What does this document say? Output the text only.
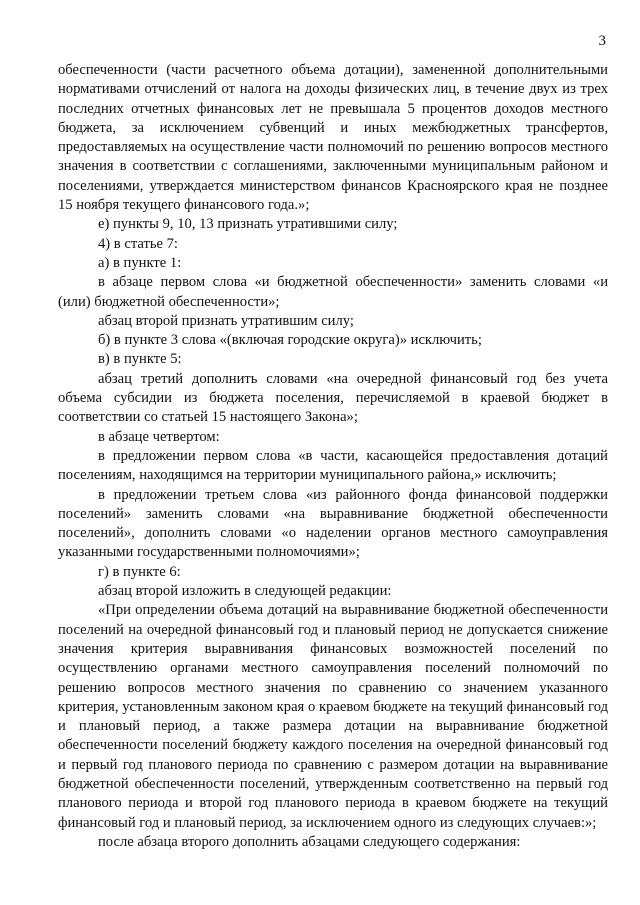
3

обеспеченности (части расчетного объема дотации), замененной дополнительными нормативами отчислений от налога на доходы физических лиц, в течение двух из трех последних отчетных финансовых лет не превышала 5 процентов доходов местного бюджета, за исключением субвенций и иных межбюджетных трансфертов, предоставляемых на осуществление части полномочий по решению вопросов местного значения в соответствии с соглашениями, заключенными муниципальным районом и поселениями, утверждается министерством финансов Красноярского края не позднее 15 ноября текущего финансового года.»;

е) пункты 9, 10, 13 признать утратившими силу;

4) в статье 7:

а) в пункте 1:

в абзаце первом слова «и бюджетной обеспеченности» заменить словами «и (или) бюджетной обеспеченности»;

абзац второй признать утратившим силу;

б) в пункте 3 слова «(включая городские округа)» исключить;

в) в пункте 5:

абзац третий дополнить словами «на очередной финансовый год без учета объема субсидии из бюджета поселения, перечисляемой в краевой бюджет в соответствии со статьей 15 настоящего Закона»;

в абзаце четвертом:

в предложении первом слова «в части, касающейся предоставления дотаций поселениям, находящимся на территории муниципального района,» исключить;

в предложении третьем слова «из районного фонда финансовой поддержки поселений» заменить словами «на выравнивание бюджетной обеспеченности поселений», дополнить словами «о наделении органов местного самоуправления указанными государственными полномочиями»;

г) в пункте 6:

абзац второй изложить в следующей редакции:

«При определении объема дотаций на выравнивание бюджетной обеспеченности поселений на очередной финансовый год и плановый период не допускается снижение значения критерия выравнивания финансовых возможностей поселений по осуществлению органами местного самоуправления поселений полномочий по решению вопросов местного значения по сравнению со значением указанного критерия, установленным законом края о краевом бюджете на текущий финансовый год и плановый период, а также размера дотации на выравнивание бюджетной обеспеченности поселений бюджету каждого поселения на очередной финансовый год и первый год планового периода по сравнению с размером дотации на выравнивание бюджетной обеспеченности поселений, утвержденным соответственно на первый год планового периода и второй год планового периода в краевом бюджете на текущий финансовый год и плановый период, за исключением одного из следующих случаев:»;

после абзаца второго дополнить абзацами следующего содержания:
